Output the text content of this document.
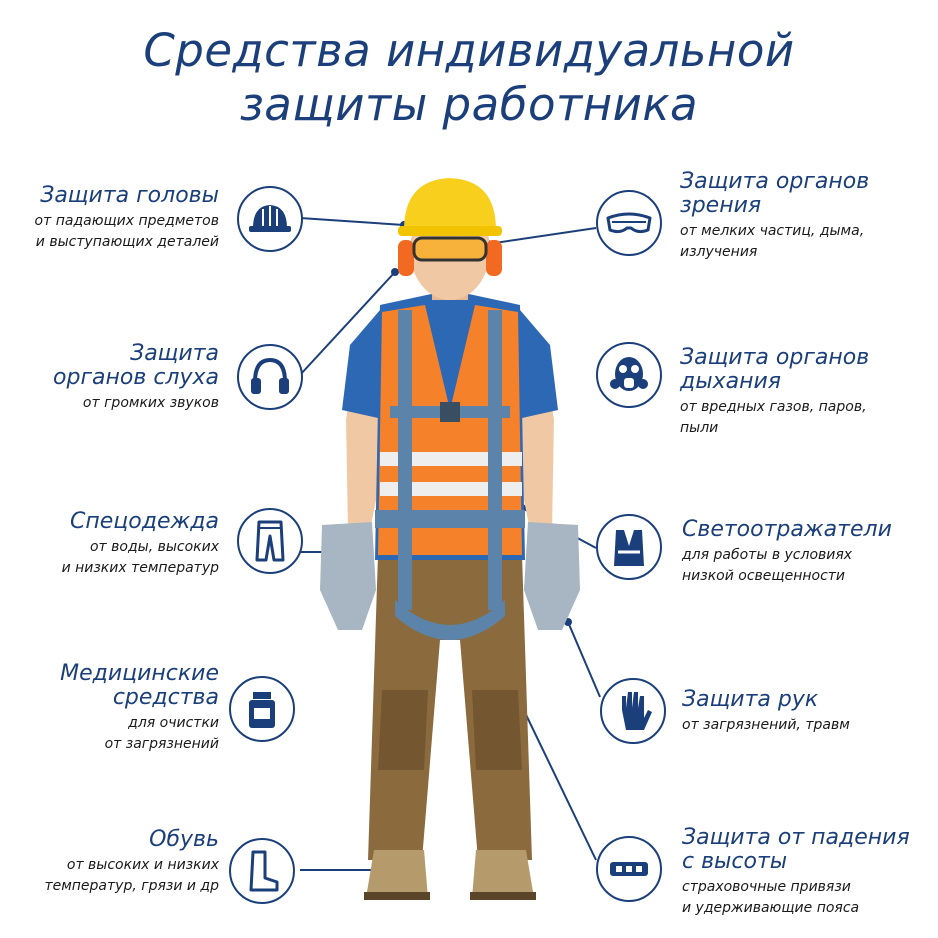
Средства индивидуальной
защиты работника
Защита головы
от падающих предметов
и выступающих деталей
Защита
органов слуха
от громких звуков
Спецодежда
от воды, высоких
и низких температур
Медицинские
средства
для очистки
от загрязнений
Обувь
от высоких и низких
температур, грязи и др
Защита органов
зрения
от мелких частиц, дыма,
излучения
Защита органов
дыхания
от вредных газов, паров,
пыли
Светоотражатели
для работы в условиях
низкой освещенности
Защита рук
от загрязнений, травм
Защита от падения
с высоты
страховочные привязи
и удерживающие пояса
